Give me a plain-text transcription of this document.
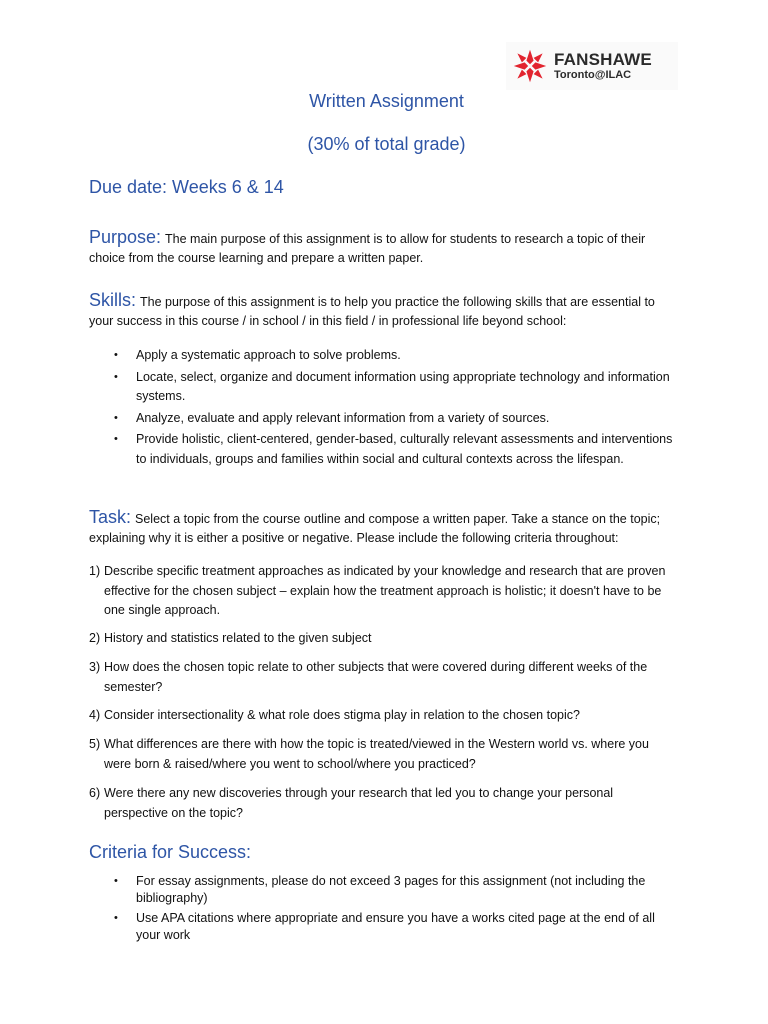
FANSHAWE
Toronto@ILAC
Written Assignment
(30% of total grade)
Due date: Weeks 6 & 14
Purpose: The main purpose of this assignment is to allow for students to research a topic of their choice from the course learning and prepare a written paper.
Skills: The purpose of this assignment is to help you practice the following skills that are essential to your success in this course / in school / in this field / in professional life beyond school:
• Apply a systematic approach to solve problems.
• Locate, select, organize and document information using appropriate technology and information systems.
• Analyze, evaluate and apply relevant information from a variety of sources.
• Provide holistic, client-centered, gender-based, culturally relevant assessments and interventions to individuals, groups and families within social and cultural contexts across the lifespan.
Task: Select a topic from the course outline and compose a written paper. Take a stance on the topic; explaining why it is either a positive or negative. Please include the following criteria throughout:
1) Describe specific treatment approaches as indicated by your knowledge and research that are proven effective for the chosen subject – explain how the treatment approach is holistic; it doesn't have to be one single approach.
2) History and statistics related to the given subject
3) How does the chosen topic relate to other subjects that were covered during different weeks of the semester?
4) Consider intersectionality & what role does stigma play in relation to the chosen topic?
5) What differences are there with how the topic is treated/viewed in the Western world vs. where you were born & raised/where you went to school/where you practiced?
6) Were there any new discoveries through your research that led you to change your personal perspective on the topic?
Criteria for Success:
• For essay assignments, please do not exceed 3 pages for this assignment (not including the bibliography)
• Use APA citations where appropriate and ensure you have a works cited page at the end of all your work
